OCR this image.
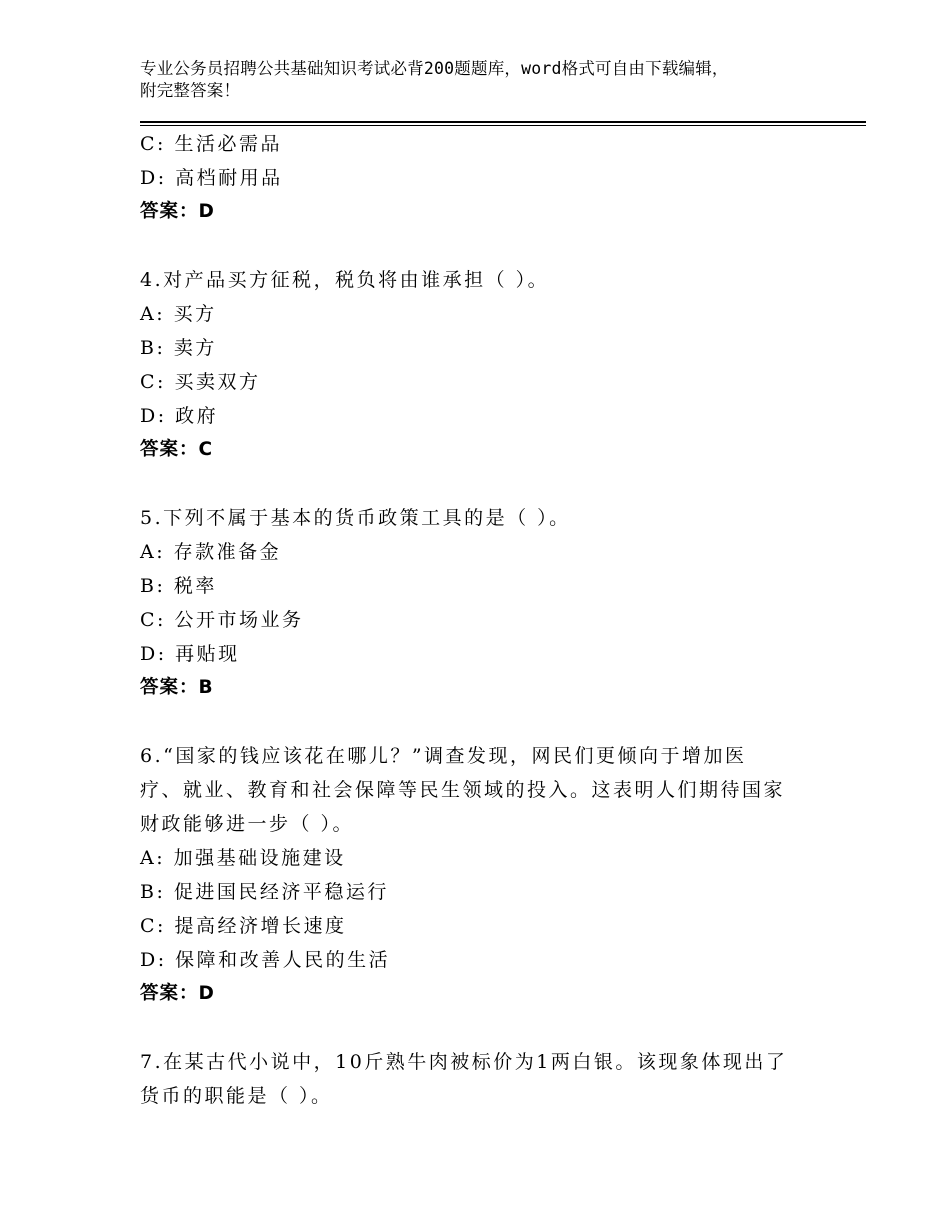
专业公务员招聘公共基础知识考试必背200题题库，word格式可自由下载编辑，
附完整答案！
C: 生活必需品
D: 高档耐用品
答案：D
4.对产品买方征税，税负将由谁承担（ ）。
A: 买方
B: 卖方
C: 买卖双方
D: 政府
答案：C
5.下列不属于基本的货币政策工具的是（ ）。
A: 存款准备金
B: 税率
C: 公开市场业务
D: 再贴现
答案：B
6.“国家的钱应该花在哪儿？”调查发现，网民们更倾向于增加医
疗、就业、教育和社会保障等民生领域的投入。这表明人们期待国家
财政能够进一步（ ）。
A: 加强基础设施建设
B: 促进国民经济平稳运行
C: 提高经济增长速度
D: 保障和改善人民的生活
答案：D
7.在某古代小说中，10斤熟牛肉被标价为1两白银。该现象体现出了
货币的职能是（ ）。
